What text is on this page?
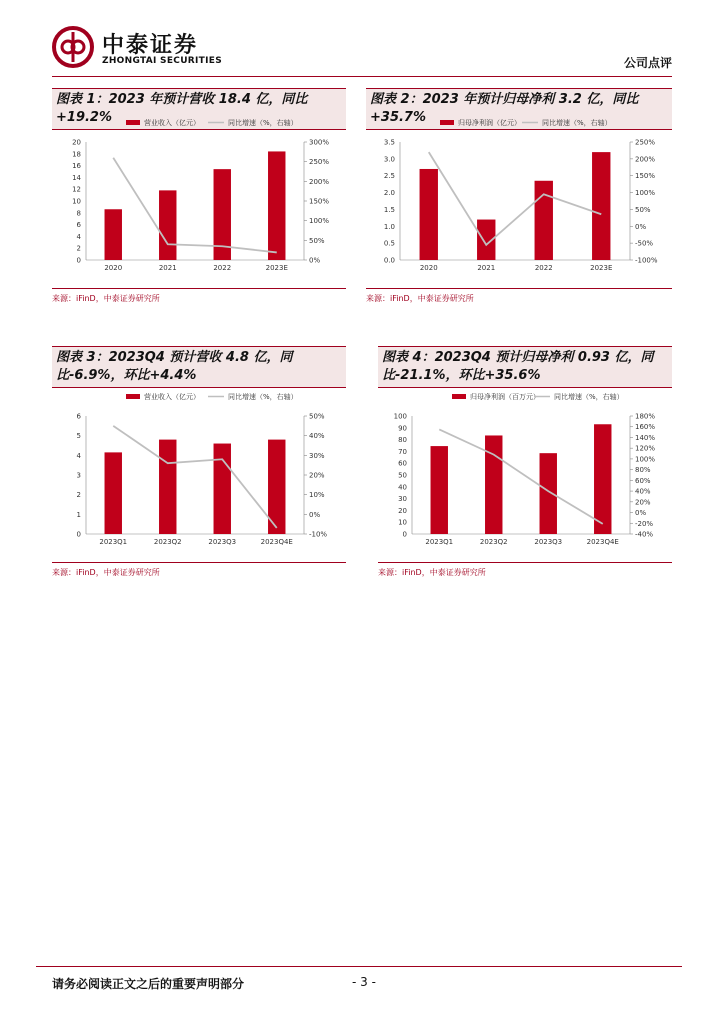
中泰证券
ZHONGTAI SECURITIES	公司点评
图表 1：2023 年预计营收 18.4 亿，同比+19.2%	营业收入（亿元）	同比增速（%，右轴）
0
2
4
6
8
10
12
14
16
18
20
0%
50%
100%
150%
200%
250%
300%
2020	2021	2022	2023E
来源：iFinD，中泰证券研究所
图表 2：2023 年预计归母净利 3.2 亿，同比+35.7%	归母净利润（亿元）	同比增速（%，右轴）
0.0
0.5
1.0
1.5
2.0
2.5
3.0
3.5
-100%
-50%
0%
50%
100%
150%
200%
250%
2020	2021	2022	2023E
来源：iFinD，中泰证券研究所
图表 3：2023Q4 预计营收 4.8 亿，同比-6.9%，环比+4.4%
营业收入（亿元）	同比增速（%，右轴）
0
1
2
3
4
5
6
-10%
0%
10%
20%
30%
40%
50%
2023Q1	2023Q2	2023Q3	2023Q4E
来源：iFinD，中泰证券研究所
图表 4：2023Q4 预计归母净利 0.93 亿，同比-21.1%，环比+35.6%
归母净利润（百万元） 同比增速（%，右轴）
0
10
20
30
40
50
60
70
80
90
100
-40%
-20%
0%
20%
40%
60%
80%
100%
120%
140%
160%
180%
2023Q1	2023Q2	2023Q3	2023Q4E
来源：iFinD，中泰证券研究所
请务必阅读正文之后的重要声明部分	- 3 -
